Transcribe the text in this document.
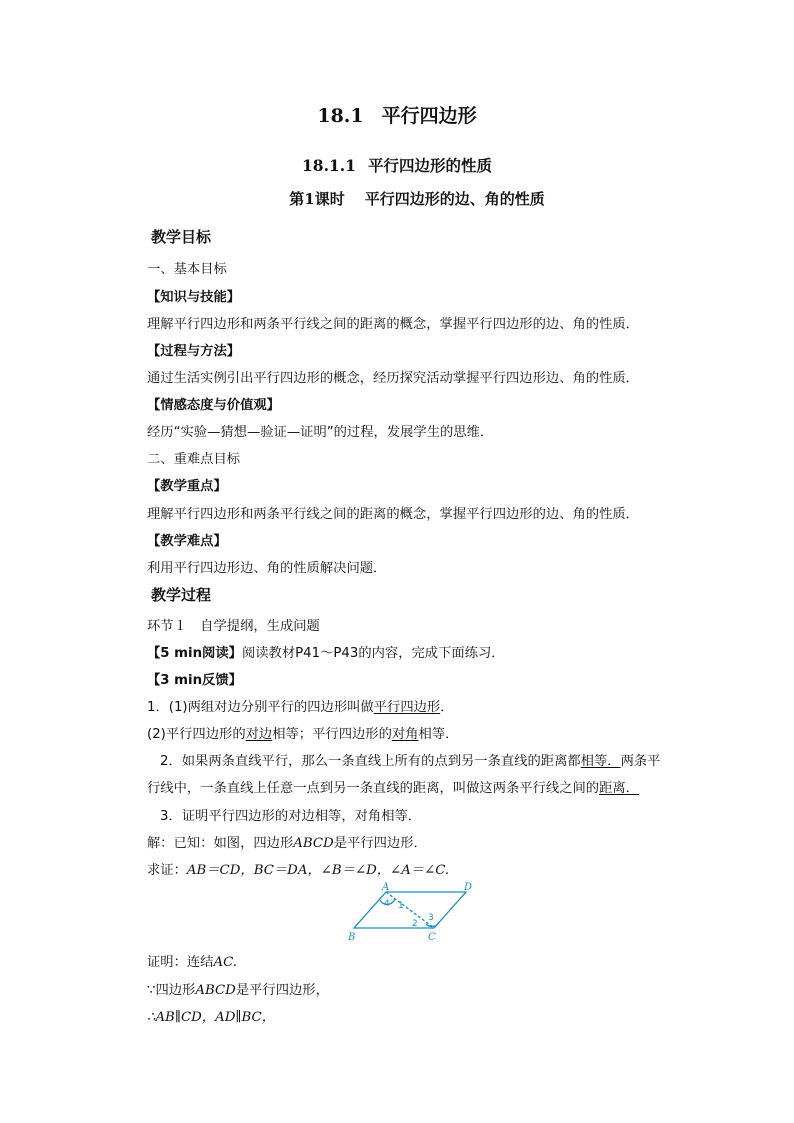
18.1 平行四边形
18.1.1 平行四边形的性质
第1课时 平行四边形的边、角的性质
教学目标
一、基本目标
【知识与技能】
理解平行四边形和两条平行线之间的距离的概念，掌握平行四边形的边、角的性质．
【过程与方法】
通过生活实例引出平行四边形的概念，经历探究活动掌握平行四边形边、角的性质．
【情感态度与价值观】
经历“实验—猜想—验证—证明”的过程，发展学生的思维．
二、重难点目标
【教学重点】
理解平行四边形和两条平行线之间的距离的概念，掌握平行四边形的边、角的性质．
【教学难点】
利用平行四边形边、角的性质解决问题．
教学过程
环节１　自学提纲，生成问题
【5 min阅读】阅读教材P41～P43的内容，完成下面练习．
【3 min反馈】
1．(1)两组对边分别平行的四边形叫做平行四边形．
(2)平行四边形的对边相等；平行四边形的对角相等．
2．如果两条直线平行，那么一条直线上所有的点到另一条直线的距离都相等．两条平
行线中，一条直线上任意一点到另一条直线的距离，叫做这两条平行线之间的距离．
3．证明平行四边形的对边相等，对角相等．
解：已知：如图，四边形ABCD是平行四边形．
求证：AB＝CD，BC＝DA，∠B＝∠D，∠A＝∠C.
A	D
B	C
1
2
3
4
证明：连结AC.
∵四边形ABCD是平行四边形，
∴AB∥CD，AD∥BC，
